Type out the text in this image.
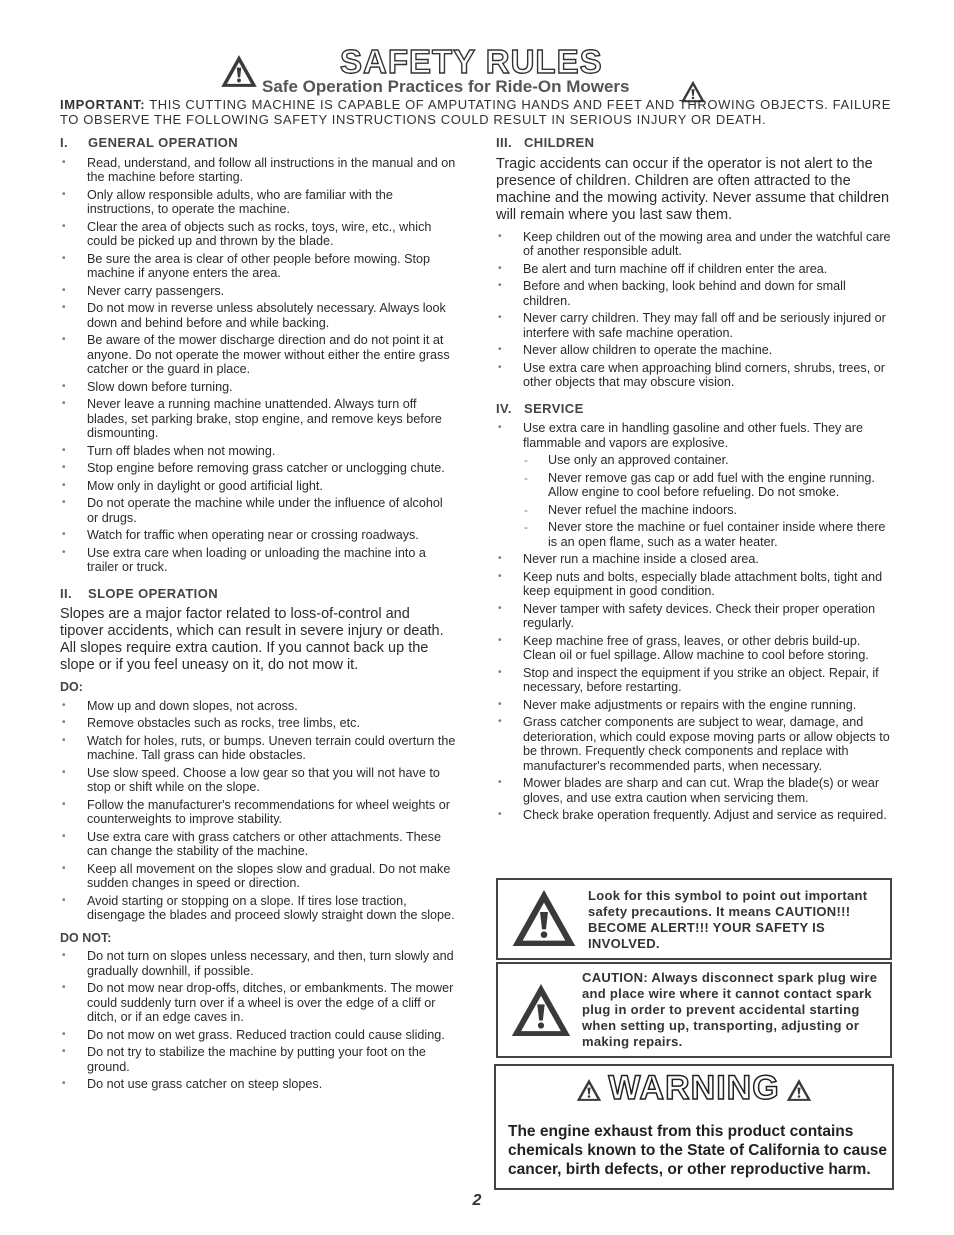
SAFETY RULES
Safe Operation Practices for Ride-On Mowers
IMPORTANT: THIS CUTTING MACHINE IS CAPABLE OF AMPUTATING HANDS AND FEET AND THROWING OBJECTS. FAILURE TO OBSERVE THE FOLLOWING SAFETY INSTRUCTIONS COULD RESULT IN SERIOUS INJURY OR DEATH.
I. GENERAL OPERATION
• Read, understand, and follow all instructions in the manual and on the machine before starting.
• Only allow responsible adults, who are familiar with the instructions, to operate the machine.
• Clear the area of objects such as rocks, toys, wire, etc., which could be picked up and thrown by the blade.
• Be sure the area is clear of other people before mowing. Stop machine if anyone enters the area.
• Never carry passengers.
• Do not mow in reverse unless absolutely necessary. Always look down and behind before and while backing.
• Be aware of the mower discharge direction and do not point it at anyone. Do not operate the mower without either the entire grass catcher or the guard in place.
• Slow down before turning.
• Never leave a running machine unattended. Always turn off blades, set parking brake, stop engine, and remove keys before dismounting.
• Turn off blades when not mowing.
• Stop engine before removing grass catcher or unclogging chute.
• Mow only in daylight or good artificial light.
• Do not operate the machine while under the influence of alcohol or drugs.
• Watch for traffic when operating near or crossing roadways.
• Use extra care when loading or unloading the machine into a trailer or truck.
II. SLOPE OPERATION
Slopes are a major factor related to loss-of-control and tipover accidents, which can result in severe injury or death. All slopes require extra caution. If you cannot back up the slope or if you feel uneasy on it, do not mow it.
DO:
• Mow up and down slopes, not across.
• Remove obstacles such as rocks, tree limbs, etc.
• Watch for holes, ruts, or bumps. Uneven terrain could overturn the machine. Tall grass can hide obstacles.
• Use slow speed. Choose a low gear so that you will not have to stop or shift while on the slope.
• Follow the manufacturer's recommendations for wheel weights or counterweights to improve stability.
• Use extra care with grass catchers or other attachments. These can change the stability of the machine.
• Keep all movement on the slopes slow and gradual. Do not make sudden changes in speed or direction.
• Avoid starting or stopping on a slope. If tires lose traction, disengage the blades and proceed slowly straight down the slope.
DO NOT:
• Do not turn on slopes unless necessary, and then, turn slowly and gradually downhill, if possible.
• Do not mow near drop-offs, ditches, or embankments. The mower could suddenly turn over if a wheel is over the edge of a cliff or ditch, or if an edge caves in.
• Do not mow on wet grass. Reduced traction could cause sliding.
• Do not try to stabilize the machine by putting your foot on the ground.
• Do not use grass catcher on steep slopes.
III. CHILDREN
Tragic accidents can occur if the operator is not alert to the presence of children. Children are often attracted to the machine and the mowing activity. Never assume that children will remain where you last saw them.
• Keep children out of the mowing area and under the watchful care of another responsible adult.
• Be alert and turn machine off if children enter the area.
• Before and when backing, look behind and down for small children.
• Never carry children. They may fall off and be seriously injured or interfere with safe machine operation.
• Never allow children to operate the machine.
• Use extra care when approaching blind corners, shrubs, trees, or other objects that may obscure vision.
IV. SERVICE
• Use extra care in handling gasoline and other fuels. They are flammable and vapors are explosive.
- Use only an approved container.
- Never remove gas cap or add fuel with the engine running. Allow engine to cool before refueling. Do not smoke.
- Never refuel the machine indoors.
- Never store the machine or fuel container inside where there is an open flame, such as a water heater.
• Never run a machine inside a closed area.
• Keep nuts and bolts, especially blade attachment bolts, tight and keep equipment in good condition.
• Never tamper with safety devices. Check their proper operation regularly.
• Keep machine free of grass, leaves, or other debris build-up. Clean oil or fuel spillage. Allow machine to cool before storing.
• Stop and inspect the equipment if you strike an object. Repair, if necessary, before restarting.
• Never make adjustments or repairs with the engine running.
• Grass catcher components are subject to wear, damage, and deterioration, which could expose moving parts or allow objects to be thrown. Frequently check components and replace with manufacturer's recommended parts, when necessary.
• Mower blades are sharp and can cut. Wrap the blade(s) or wear gloves, and use extra caution when servicing them.
• Check brake operation frequently. Adjust and service as required.
Look for this symbol to point out important safety precautions. It means CAUTION!!! BECOME ALERT!!! YOUR SAFETY IS INVOLVED.
CAUTION: Always disconnect spark plug wire and place wire where it cannot contact spark plug in order to prevent accidental starting when setting up, transporting, adjusting or making repairs.
WARNING
The engine exhaust from this product contains chemicals known to the State of California to cause cancer, birth defects, or other reproductive harm.
2
